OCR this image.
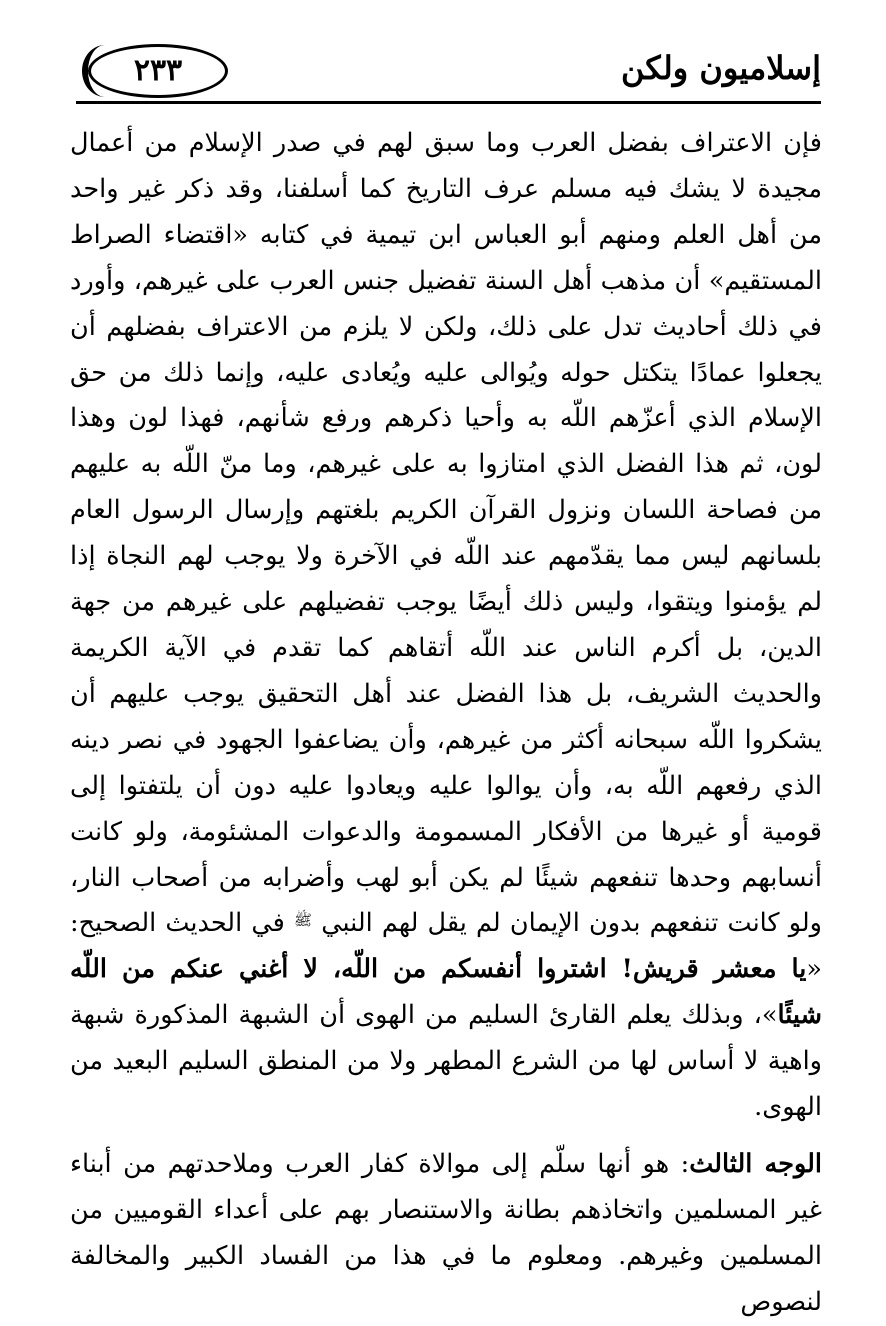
إسلاميون ولكن
٢٣٣

فإن الاعتراف بفضل العرب وما سبق لهم في صدر الإسلام من أعمال مجيدة لا يشك فيه مسلم عرف التاريخ كما أسلفنا، وقد ذكر غير واحد من أهل العلم ومنهم أبو العباس ابن تيمية في كتابه «اقتضاء الصراط المستقيم» أن مذهب أهل السنة تفضيل جنس العرب على غيرهم، وأورد في ذلك أحاديث تدل على ذلك، ولكن لا يلزم من الاعتراف بفضلهم أن يجعلوا عمادًا يتكتل حوله ويُوالى عليه ويُعادى عليه، وإنما ذلك من حق الإسلام الذي أعزّهم اللّه به وأحيا ذكرهم ورفع شأنهم، فهذا لون وهذا لون، ثم هذا الفضل الذي امتازوا به على غيرهم، وما منّ اللّه به عليهم من فصاحة اللسان ونزول القرآن الكريم بلغتهم وإرسال الرسول العام بلسانهم ليس مما يقدّمهم عند اللّه في الآخرة ولا يوجب لهم النجاة إذا لم يؤمنوا ويتقوا، وليس ذلك أيضًا يوجب تفضيلهم على غيرهم من جهة الدين، بل أكرم الناس عند اللّه أتقاهم كما تقدم في الآية الكريمة والحديث الشريف، بل هذا الفضل عند أهل التحقيق يوجب عليهم أن يشكروا اللّه سبحانه أكثر من غيرهم، وأن يضاعفوا الجهود في نصر دينه الذي رفعهم اللّه به، وأن يوالوا عليه ويعادوا عليه دون أن يلتفتوا إلى قومية أو غيرها من الأفكار المسمومة والدعوات المشئومة، ولو كانت أنسابهم وحدها تنفعهم شيئًا لم يكن أبو لهب وأضرابه من أصحاب النار، ولو كانت تنفعهم بدون الإيمان لم يقل لهم النبي ﷺ في الحديث الصحيح: «يا معشر قريش! اشتروا أنفسكم من اللّه، لا أغني عنكم من اللّه شيئًا»، وبذلك يعلم القارئ السليم من الهوى أن الشبهة المذكورة شبهة واهية لا أساس لها من الشرع المطهر ولا من المنطق السليم البعيد من الهوى.

الوجه الثالث: هو أنها سلّم إلى موالاة كفار العرب وملاحدتهم من أبناء غير المسلمين واتخاذهم بطانة والاستنصار بهم على أعداء القوميين من المسلمين وغيرهم. ومعلوم ما في هذا من الفساد الكبير والمخالفة لنصوص
